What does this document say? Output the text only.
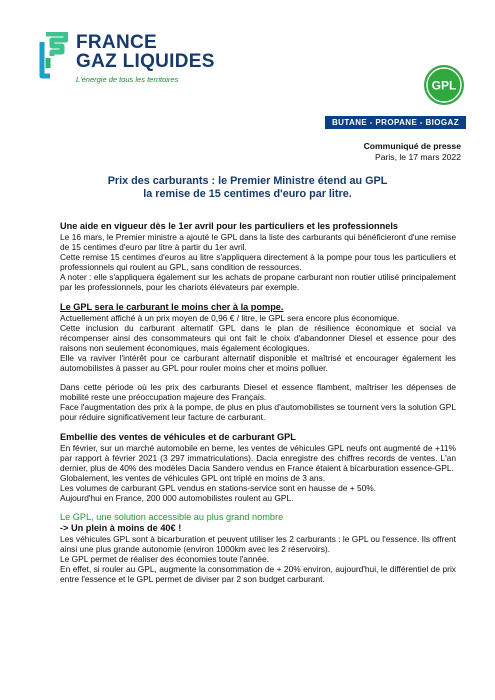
FRANCE
GAZ LIQUIDES
L'énergie de tous les territoires	GPL
BUTANE - PROPANE - BIOGAZ
Communiqué de presse
Paris, le 17 mars 2022
Prix des carburants : le Premier Ministre étend au GPL
la remise de 15 centimes d'euro par litre.

Une aide en vigueur dès le 1er avril pour les particuliers et les professionnels

Le 16 mars, le Premier ministre a ajouté le GPL dans la liste des carburants qui bénéficieront d'une remise de 15 centimes d'euro par litre à partir du 1er avril.

Cette remise 15 centimes d'euros au litre s'appliquera directement à la pompe pour tous les particuliers et professionnels qui roulent au GPL, sans condition de ressources.

A noter : elle s'appliquera également sur les achats de propane carburant non routier utilisé principalement par les professionnels, pour les chariots élévateurs par exemple.

Le GPL sera le carburant le moins cher à la pompe.

Actuellement affiché à un prix moyen de 0,96 € / litre, le GPL sera encore plus économique.

Cette inclusion du carburant alternatif GPL dans le plan de résilience économique et social va récompenser ainsi des consommateurs qui ont fait le choix d'abandonner Diesel et essence pour des raisons non seulement économiques, mais également écologiques.

Elle va raviver l'intérêt pour ce carburant alternatif disponible et maîtrisé et encourager également les automobilistes à passer au GPL pour rouler moins cher et moins polluer.

Dans cette période où les prix des carburants Diesel et essence flambent, maîtriser les dépenses de mobilité reste une préoccupation majeure des Français.

Face l'augmentation des prix à la pompe, de plus en plus d'automobilistes se tournent vers la solution GPL pour réduire significativement leur facture de carburant.

Embellie des ventes de véhicules et de carburant GPL

En février, sur un marché automobile en berne, les ventes de véhicules GPL neufs ont augmenté de +11% par rapport à février 2021 (3 297 immatriculations). Dacia enregistre des chiffres records de ventes. L'an dernier, plus de 40% des modèles Dacia Sandero vendus en France étaient à bicarburation essence-GPL.

Globalement, les ventes de véhicules GPL ont triplé en moins de 3 ans.

Les volumes de carburant GPL vendus en stations-service sont en hausse de + 50%.

Aujourd'hui en France, 200 000 automobilistes roulent au GPL.

Le GPL, une solution accessible au plus grand nombre

-> Un plein à moins de 40€ !

Les véhicules GPL sont à bicarburation et peuvent utiliser les 2 carburants : le GPL ou l'essence. Ils offrent ainsi une plus grande autonomie (environ 1000km avec les 2 réservoirs).

Le GPL permet de réaliser des économies toute l'année.

En effet, si rouler au GPL, augmente la consommation de + 20% environ, aujourd'hui, le différentiel de prix entre l'essence et le GPL permet de diviser par 2 son budget carburant.
